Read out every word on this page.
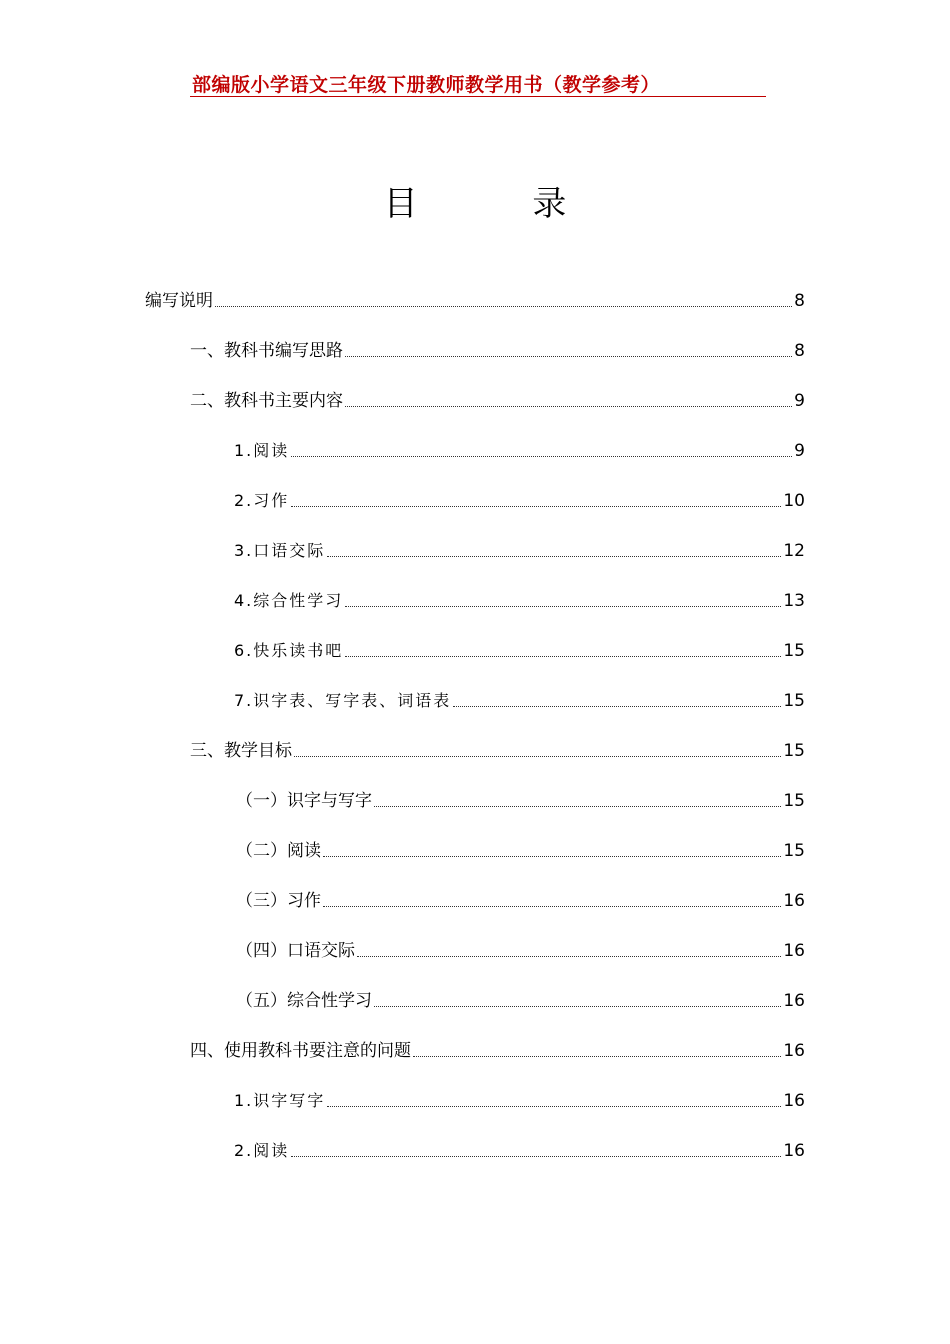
部编版小学语文三年级下册教师教学用书（教学参考）
目 录
编写说明	8
一、教科书编写思路	8
二、教科书主要内容	9
1.阅读	9
2.习作	10
3.口语交际	12
4.综合性学习	13
6.快乐读书吧	15
7.识字表、写字表、词语表	15
三、教学目标	15
（一）识字与写字	15
（二）阅读	15
（三）习作	16
（四）口语交际	16
（五）综合性学习	16
四、使用教科书要注意的问题	16
1.识字写字	16
2.阅读	16
